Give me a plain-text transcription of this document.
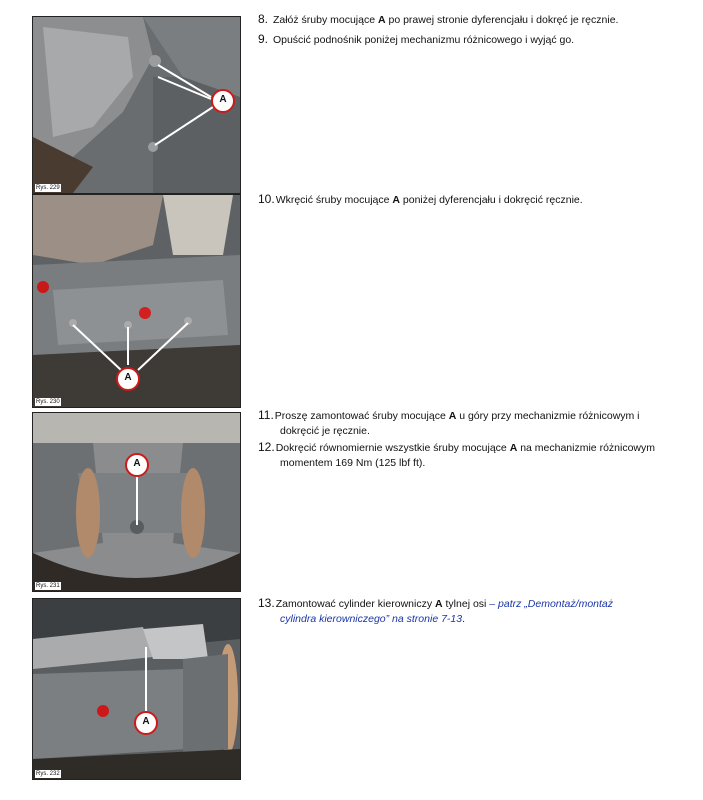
A
Rys. 229
A
Rys. 230
A
Rys. 231
A
Rys. 232
8. Załóż śruby mocujące A po prawej stronie dyferencjału i dokręć je ręcznie.
9. Opuścić podnośnik poniżej mechanizmu różnicowego i wyjąć go.
10.Wkręcić śruby mocujące A poniżej dyferencjału i dokręcić ręcznie.
11.Proszę zamontować śruby mocujące A u góry przy mechanizmie różnicowym i
dokręcić je ręcznie.
12.Dokręcić równomiernie wszystkie śruby mocujące A na mechanizmie różnicowym
momentem 169 Nm (125 lbf ft).
13.Zamontować cylinder kierowniczy A tylnej osi – patrz „Demontaż/montaż
cylindra kierowniczego” na stronie 7-13.
